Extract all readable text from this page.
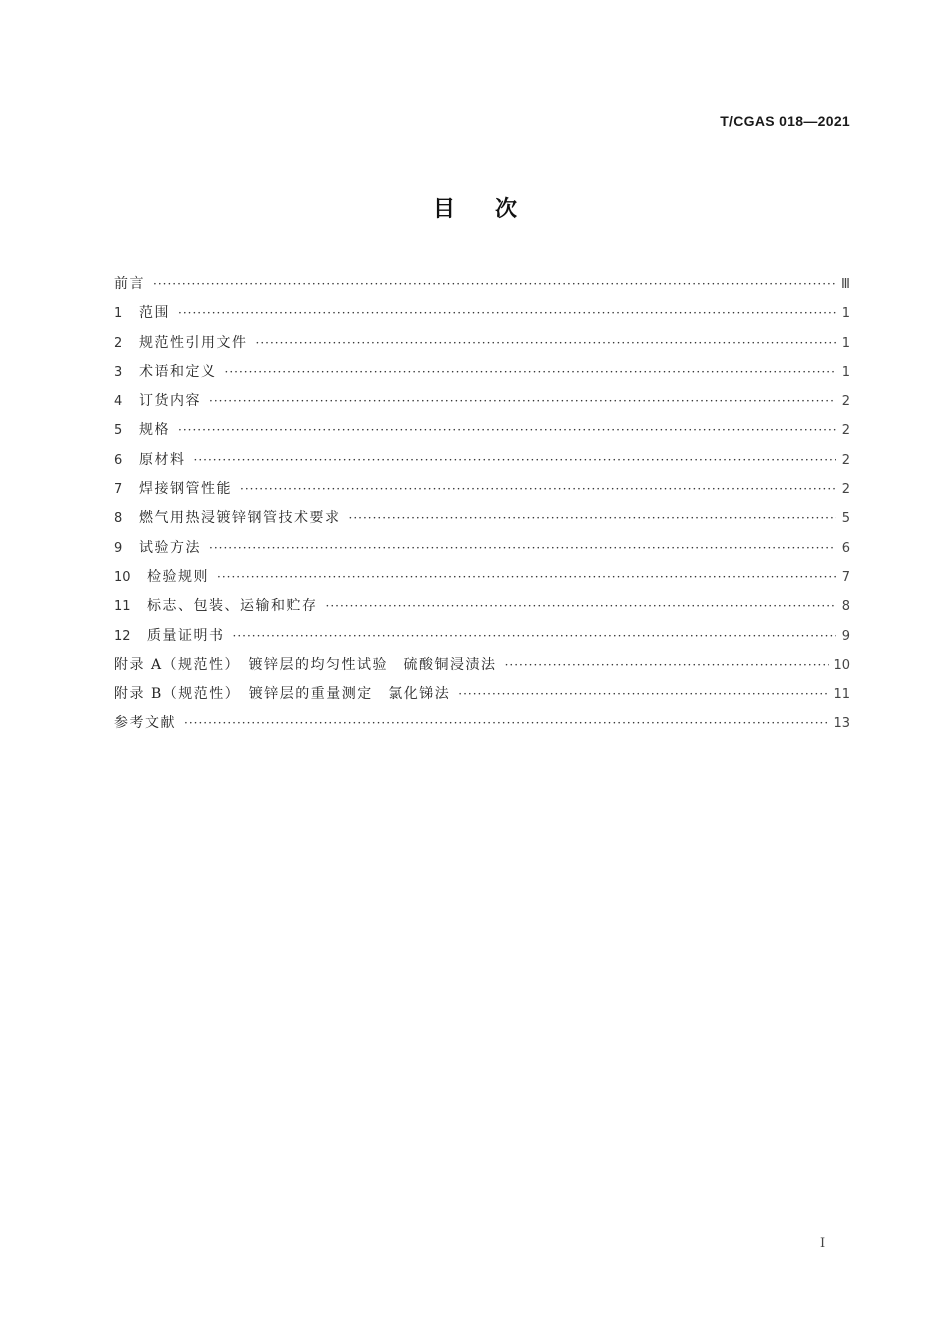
T/CGAS 018—2021
目次
前言 ·····	Ⅲ
1	范围 ·····	1
2	规范性引用文件 ·····	1
3	术语和定义 ·····	1
4	订货内容 ·····	2
5	规格 ·····	2
6	原材料 ·····	2
7	焊接钢管性能 ·····	2
8	燃气用热浸镀锌钢管技术要求 ·····	5
9	试验方法 ·····	6
10	检验规则 ·····	7
11	标志、包装、运输和贮存 ·····	8
12	质量证明书 ·····	9
附录 A（规范性）　镀锌层的均匀性试验　硫酸铜浸渍法 ·····	10
附录 B（规范性）　镀锌层的重量测定　氯化锑法 ·····	11
参考文献 ·····	13
I
